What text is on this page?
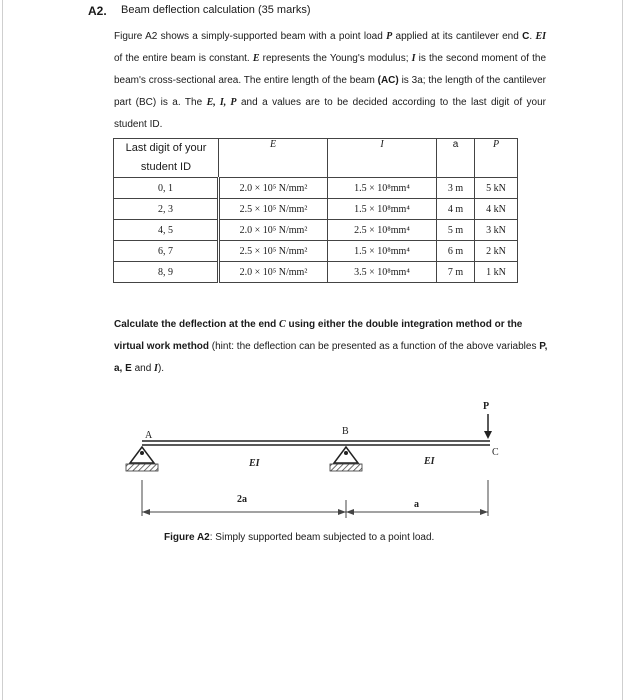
A2. Beam deflection calculation (35 marks)
Figure A2 shows a simply-supported beam with a point load P applied at its cantilever end C. EI of the entire beam is constant. E represents the Young's modulus; I is the second moment of the beam's cross-sectional area. The entire length of the beam (AC) is 3a; the length of the cantilever part (BC) is a. The E, I, P and a values are to be decided according to the last digit of your student ID.
Last digit of your student ID	E	I	a	P
0, 1	2.0 × 10⁵ N/mm²	1.5 × 10⁸mm⁴	3 m	5 kN
2, 3	2.5 × 10⁵ N/mm²	1.5 × 10⁸mm⁴	4 m	4 kN
4, 5	2.0 × 10⁵ N/mm²	2.5 × 10⁸mm⁴	5 m	3 kN
6, 7	2.5 × 10⁵ N/mm²	1.5 × 10⁸mm⁴	6 m	2 kN
8, 9	2.0 × 10⁵ N/mm²	3.5 × 10⁸mm⁴	7 m	1 kN
Calculate the deflection at the end C using either the double integration method or the virtual work method (hint: the deflection can be presented as a function of the above variables P, a, E and I).
A	B
C
P
EI	EI
2a	a
Figure A2: Simply supported beam subjected to a point load.
